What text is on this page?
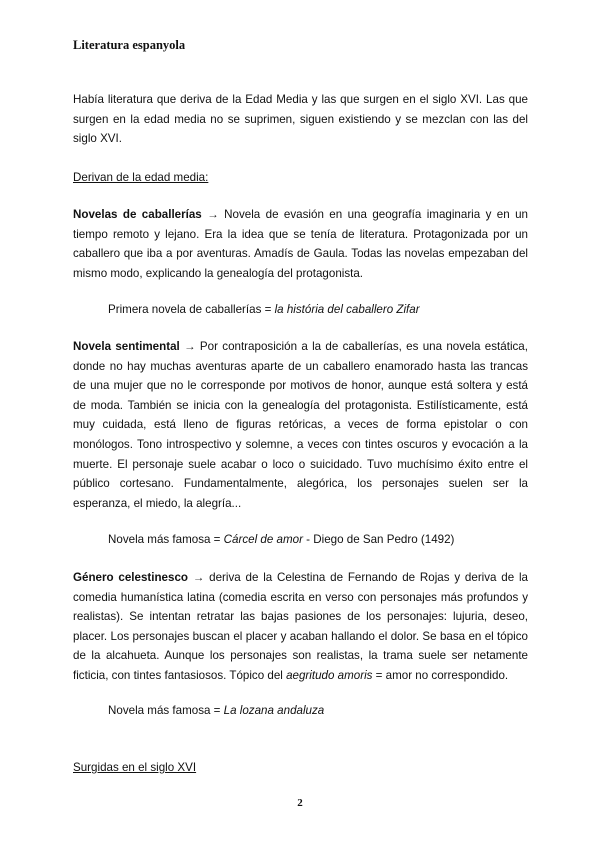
Literatura espanyola

Había literatura que deriva de la Edad Media y las que surgen en el siglo XVI. Las que surgen en la edad media no se suprimen, siguen existiendo y se mezclan con las del siglo XVI.

Derivan de la edad media:

Novelas de caballerías → Novela de evasión en una geografía imaginaria y en un tiempo remoto y lejano. Era la idea que se tenía de literatura. Protagonizada por un caballero que iba a por aventuras. Amadís de Gaula. Todas las novelas empezaban del mismo modo, explicando la genealogía del protagonista.

Primera novela de caballerías = la história del caballero Zifar

Novela sentimental → Por contraposición a la de caballerías, es una novela estática, donde no hay muchas aventuras aparte de un caballero enamorado hasta las trancas de una mujer que no le corresponde por motivos de honor, aunque está soltera y está de moda. También se inicia con la genealogía del protagonista. Estilísticamente, está muy cuidada, está lleno de figuras retóricas, a veces de forma epistolar o con monólogos. Tono introspectivo y solemne, a veces con tintes oscuros y evocación a la muerte. El personaje suele acabar o loco o suicidado. Tuvo muchísimo éxito entre el público cortesano. Fundamentalmente, alegórica, los personajes suelen ser la esperanza, el miedo, la alegría...

Novela más famosa = Cárcel de amor - Diego de San Pedro (1492)

Género celestinesco → deriva de la Celestina de Fernando de Rojas y deriva de la comedia humanística latina (comedia escrita en verso con personajes más profundos y realistas). Se intentan retratar las bajas pasiones de los personajes: lujuria, deseo, placer. Los personajes buscan el placer y acaban hallando el dolor. Se basa en el tópico de la alcahueta. Aunque los personajes son realistas, la trama suele ser netamente ficticia, con tintes fantasiosos. Tópico del aegritudo amoris = amor no correspondido.

Novela más famosa = La lozana andaluza

Surgidas en el siglo XVI

2
